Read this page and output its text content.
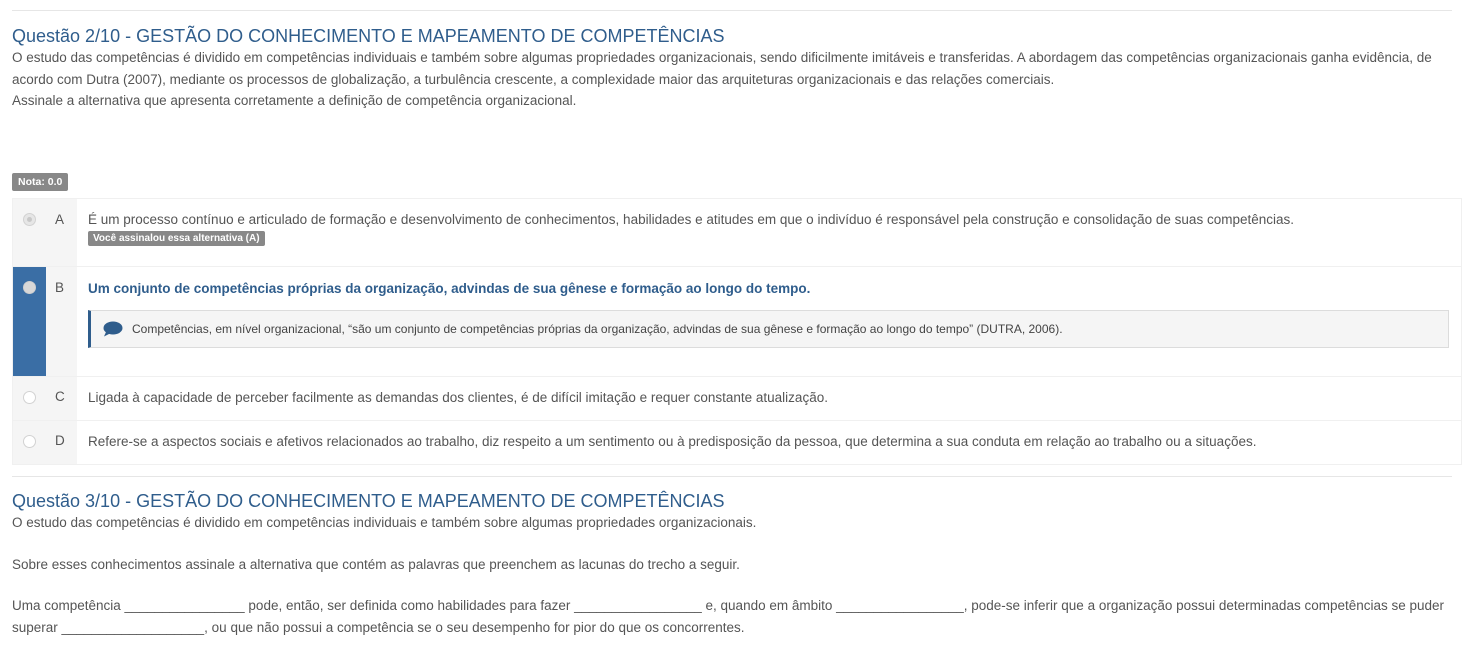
Questão 2/10 - GESTÃO DO CONHECIMENTO E MAPEAMENTO DE COMPETÊNCIAS

O estudo das competências é dividido em competências individuais e também sobre algumas propriedades organizacionais, sendo dificilmente imitáveis e transferidas. A abordagem das competências organizacionais ganha evidência, de acordo com Dutra (2007), mediante os processos de globalização, a turbulência crescente, a complexidade maior das arquiteturas organizacionais e das relações comerciais.

Assinale a alternativa que apresenta corretamente a definição de competência organizacional.

Nota: 0.0
A É um processo contínuo e articulado de formação e desenvolvimento de conhecimentos, habilidades e atitudes em que o indivíduo é responsável pela construção e consolidação de suas competências.
Você assinalou essa alternativa (A)
B Um conjunto de competências próprias da organização, advindas de sua gênese e formação ao longo do tempo.
Competências, em nível organizacional, “são um conjunto de competências próprias da organização, advindas de sua gênese e formação ao longo do tempo” (DUTRA, 2006).
C Ligada à capacidade de perceber facilmente as demandas dos clientes, é de difícil imitação e requer constante atualização.
D Refere-se a aspectos sociais e afetivos relacionados ao trabalho, diz respeito a um sentimento ou à predisposição da pessoa, que determina a sua conduta em relação ao trabalho ou a situações.
Questão 3/10 - GESTÃO DO CONHECIMENTO E MAPEAMENTO DE COMPETÊNCIAS

O estudo das competências é dividido em competências individuais e também sobre algumas propriedades organizacionais.

Sobre esses conhecimentos assinale a alternativa que contém as palavras que preenchem as lacunas do trecho a seguir.

Uma competência ________________ pode, então, ser definida como habilidades para fazer _________________ e, quando em âmbito _________________, pode-se inferir que a organização possui determinadas competências se puder superar ___________________, ou que não possui a competência se o seu desempenho for pior do que os concorrentes.
